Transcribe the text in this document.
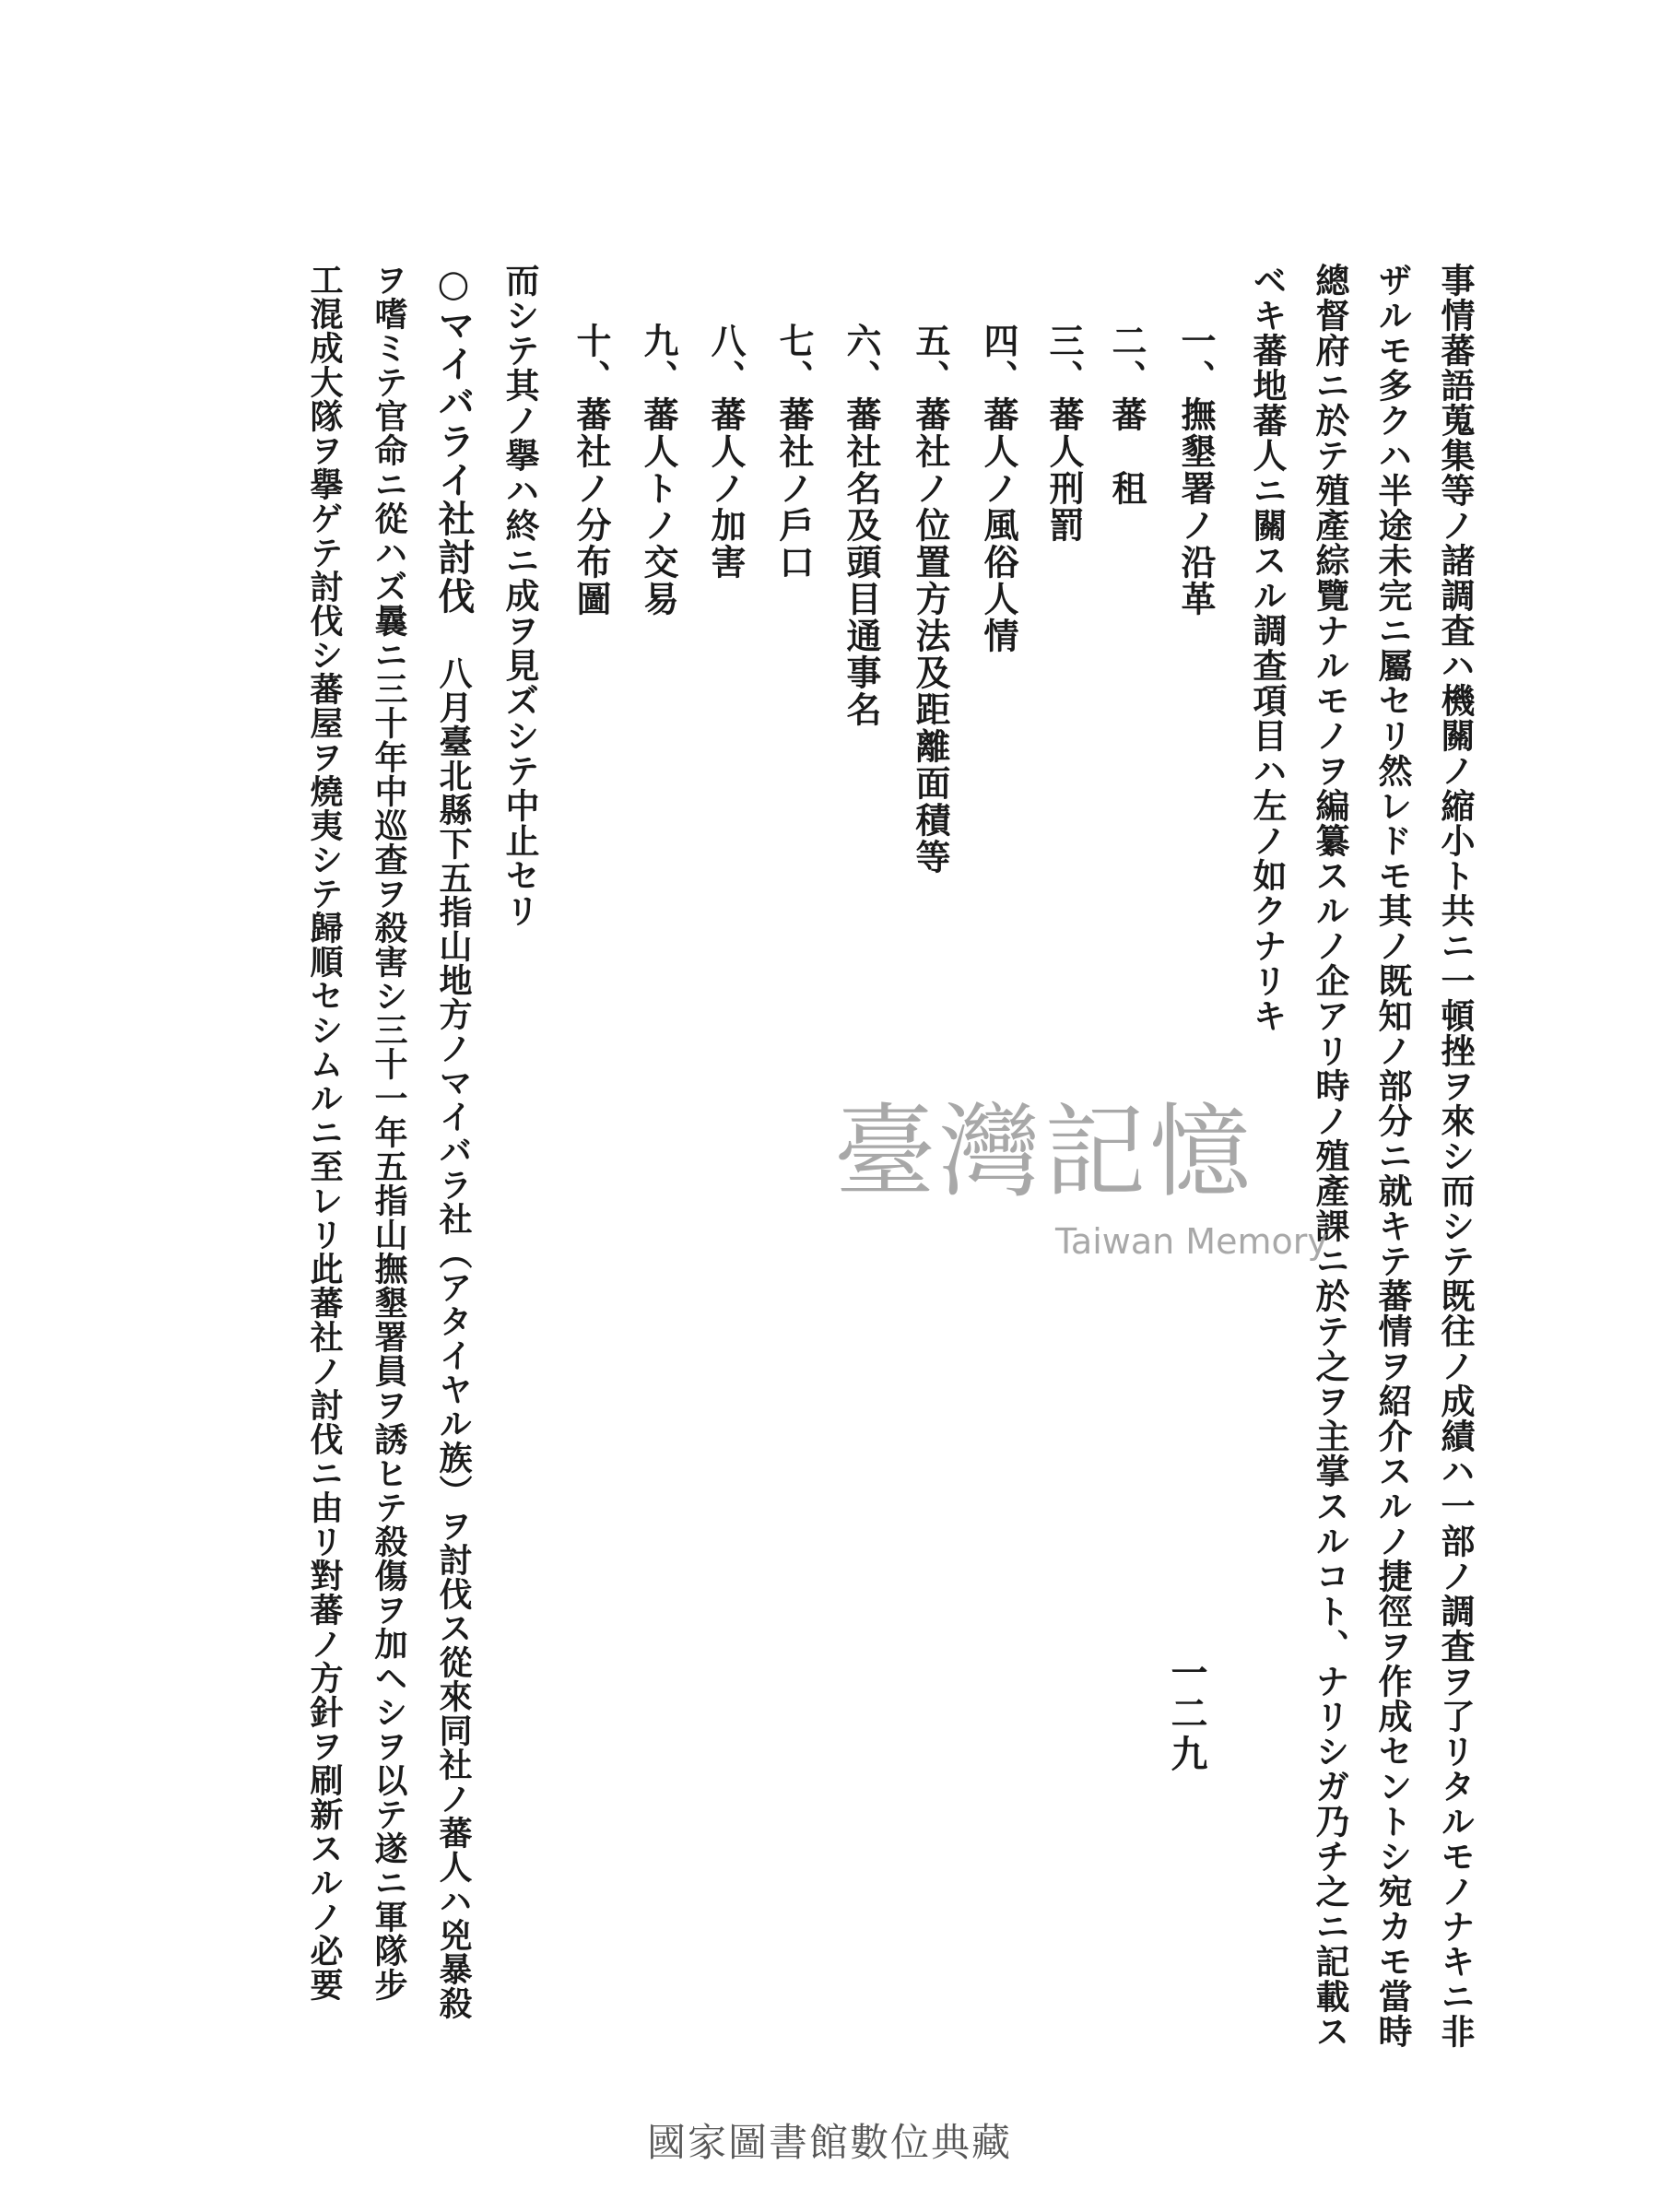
事情蕃語蒐集等ノ諸調査ハ機關ノ縮小ト共ニ一頓挫ヲ來シ而シテ既往ノ成績ハ一部ノ調査ヲ了リタルモノナキニ非
ザルモ多クハ半途未完ニ屬セリ然レドモ其ノ既知ノ部分ニ就キテ蕃情ヲ紹介スルノ捷徑ヲ作成セントシ宛カモ當時
總督府ニ於テ殖產綜覽ナルモノヲ編纂スルノ企アリ時ノ殖產課ニ於テ之ヲ主掌スルコト、ナリシガ乃チ之ニ記載ス
ベキ蕃地蕃人ニ關スル調查項目ハ左ノ如クナリキ
一、撫墾署ノ沿革
二、蕃　租
三、蕃人刑罰
四、蕃人ノ風俗人情
五、蕃社ノ位置方法及距離面積等
六、蕃社名及頭目通事名
七、蕃社ノ戶口
八、蕃人ノ加害
九、蕃人トノ交易
十、蕃社ノ分布圖
而シテ其ノ擧ハ終ニ成ヲ見ズシテ中止セリ
○マイバライ社討伐八月臺北縣下五指山地方ノマイバラ社（アタイヤル族）ヲ討伐ス從來同社ノ蕃人ハ兇暴殺
ヲ嗜ミテ官命ニ從ハズ曩ニ三十年中巡查ヲ殺害シ三十一年五指山撫墾署員ヲ誘ヒテ殺傷ヲ加ヘシヲ以テ遂ニ軍隊步
工混成大隊ヲ擧ゲテ討伐シ蕃屋ヲ燒夷シテ歸順セシムルニ至レリ此蕃社ノ討伐ニ由リ對蕃ノ方針ヲ刷新スルノ必要	一二九
臺灣記憶
Taiwan Memory
國家圖書館數位典藏
